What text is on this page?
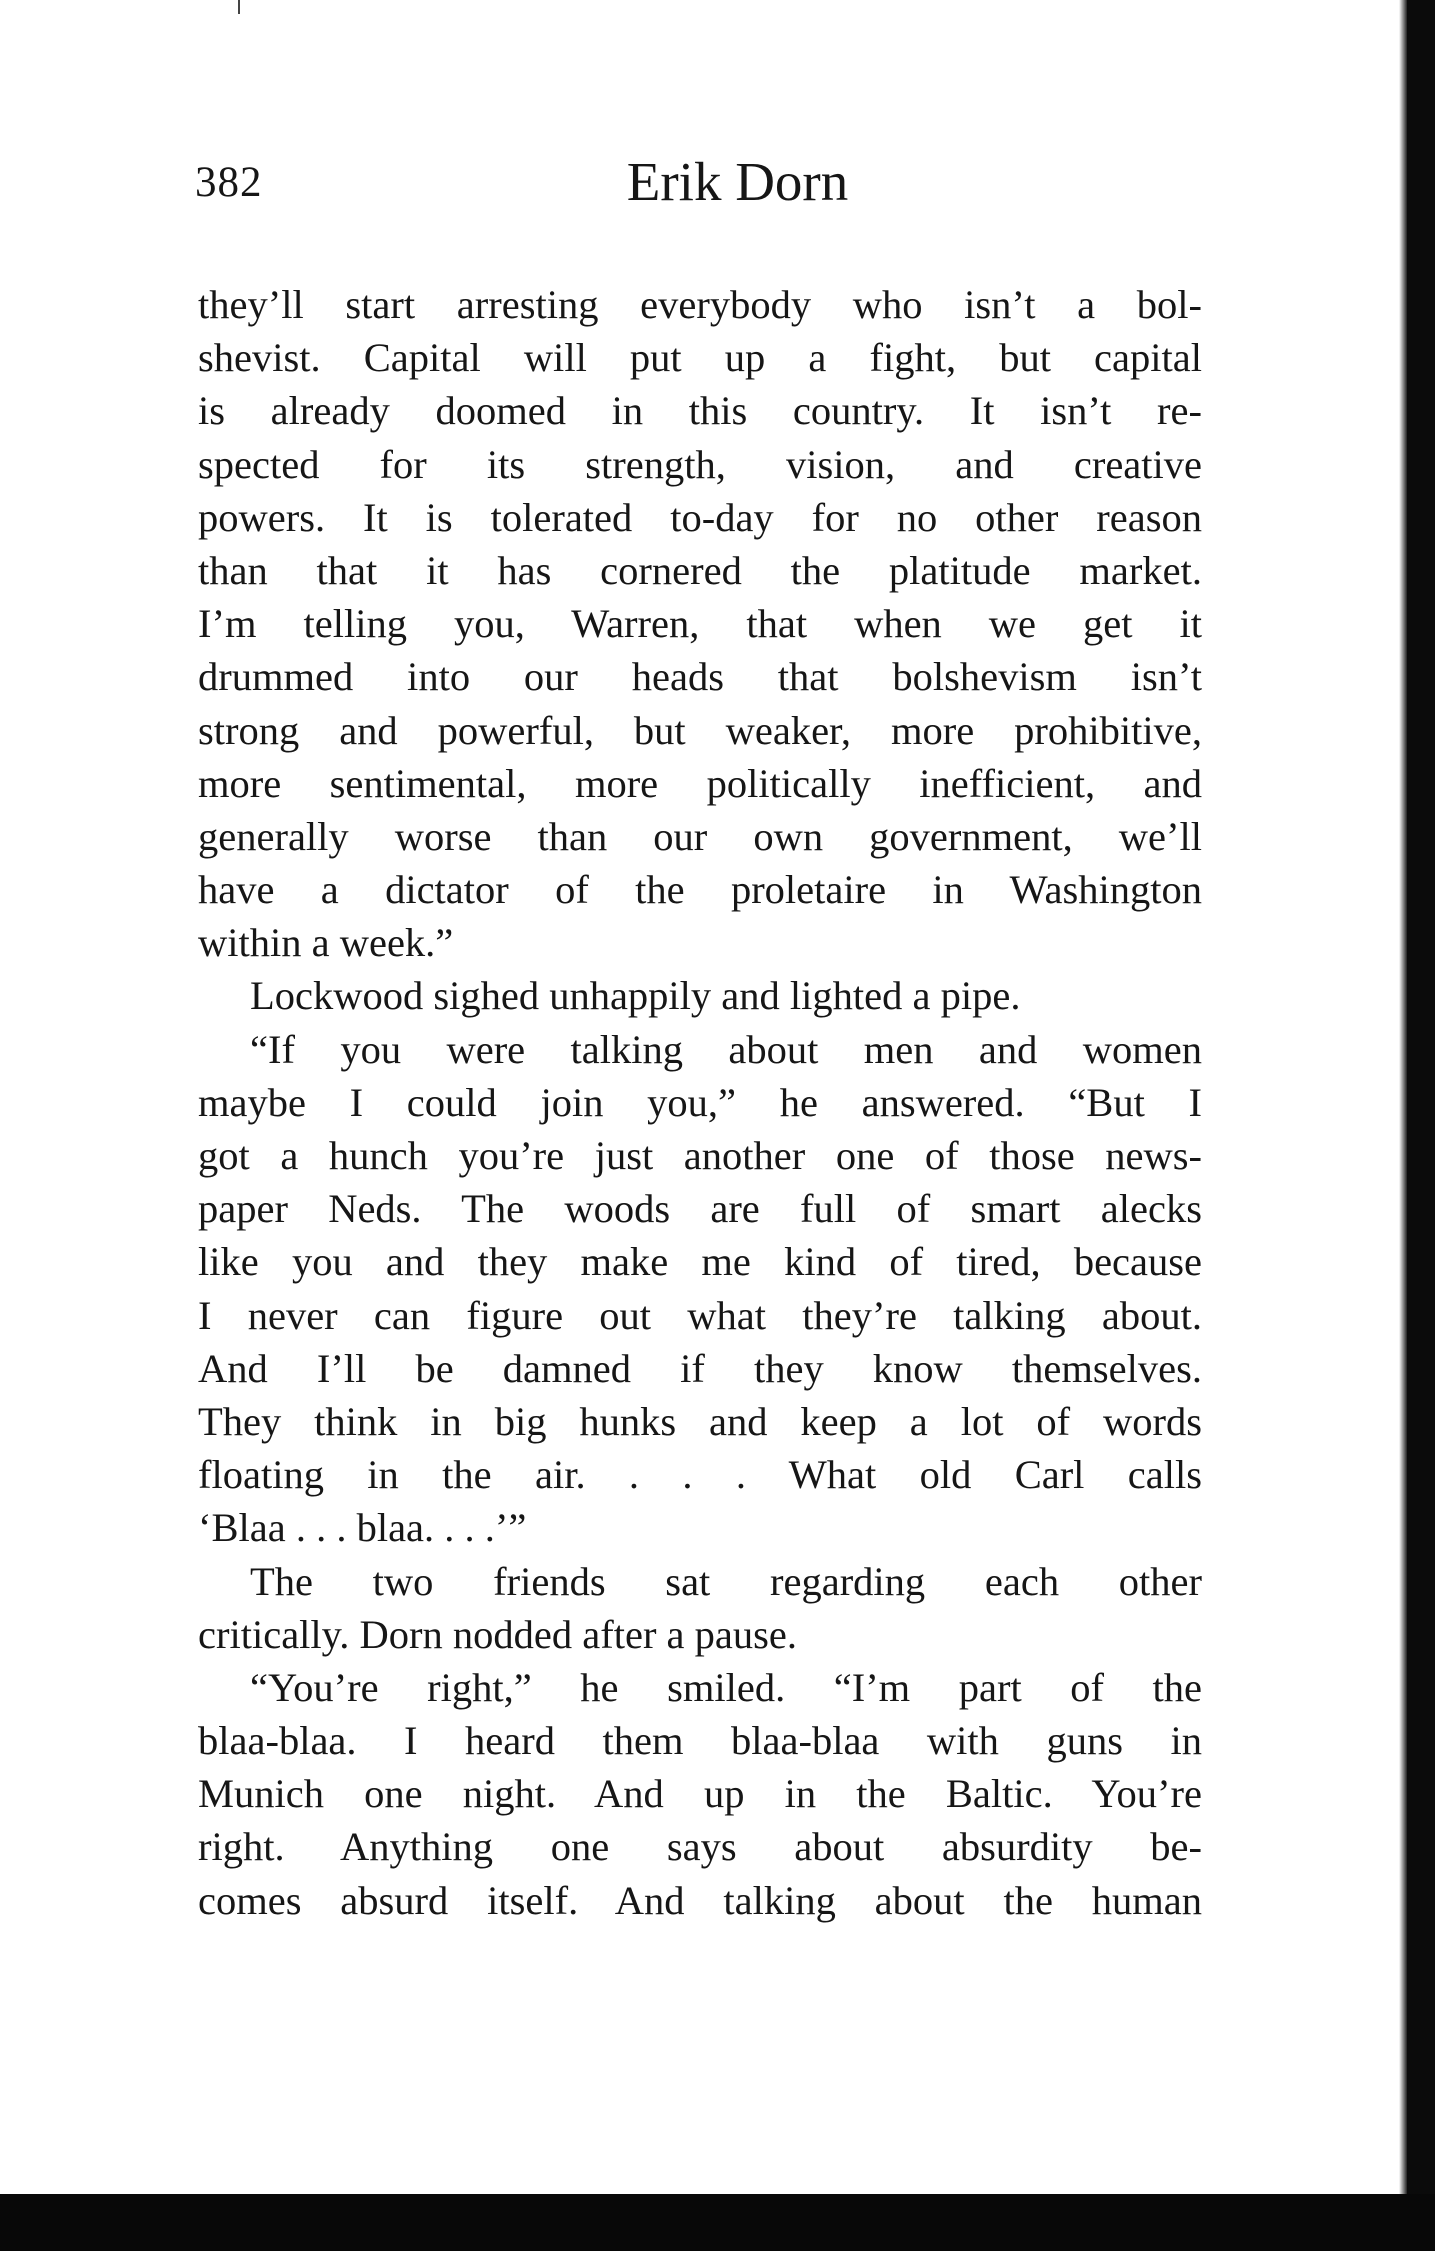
382	Erik Dorn
they’ll start arresting everybody who isn’t a bol-
shevist. Capital will put up a fight, but capital
is already doomed in this country. It isn’t re-
spected for its strength, vision, and creative
powers. It is tolerated to-day for no other reason
than that it has cornered the platitude market.
I’m telling you, Warren, that when we get it
drummed into our heads that bolshevism isn’t
strong and powerful, but weaker, more prohibitive,
more sentimental, more politically inefficient, and
generally worse than our own government, we’ll
have a dictator of the proletaire in Washington
within a week.”
Lockwood sighed unhappily and lighted a pipe.
“If you were talking about men and women
maybe I could join you,” he answered. “But I
got a hunch you’re just another one of those news-
paper Neds. The woods are full of smart alecks
like you and they make me kind of tired, because
I never can figure out what they’re talking about.
And I’ll be damned if they know themselves.
They think in big hunks and keep a lot of words
floating in the air. . . . What old Carl calls
‘Blaa . . . blaa. . . .’”
The two friends sat regarding each other
critically. Dorn nodded after a pause.
“You’re right,” he smiled. “I’m part of the
blaa-blaa. I heard them blaa-blaa with guns in
Munich one night. And up in the Baltic. You’re
right. Anything one says about absurdity be-
comes absurd itself. And talking about the human
